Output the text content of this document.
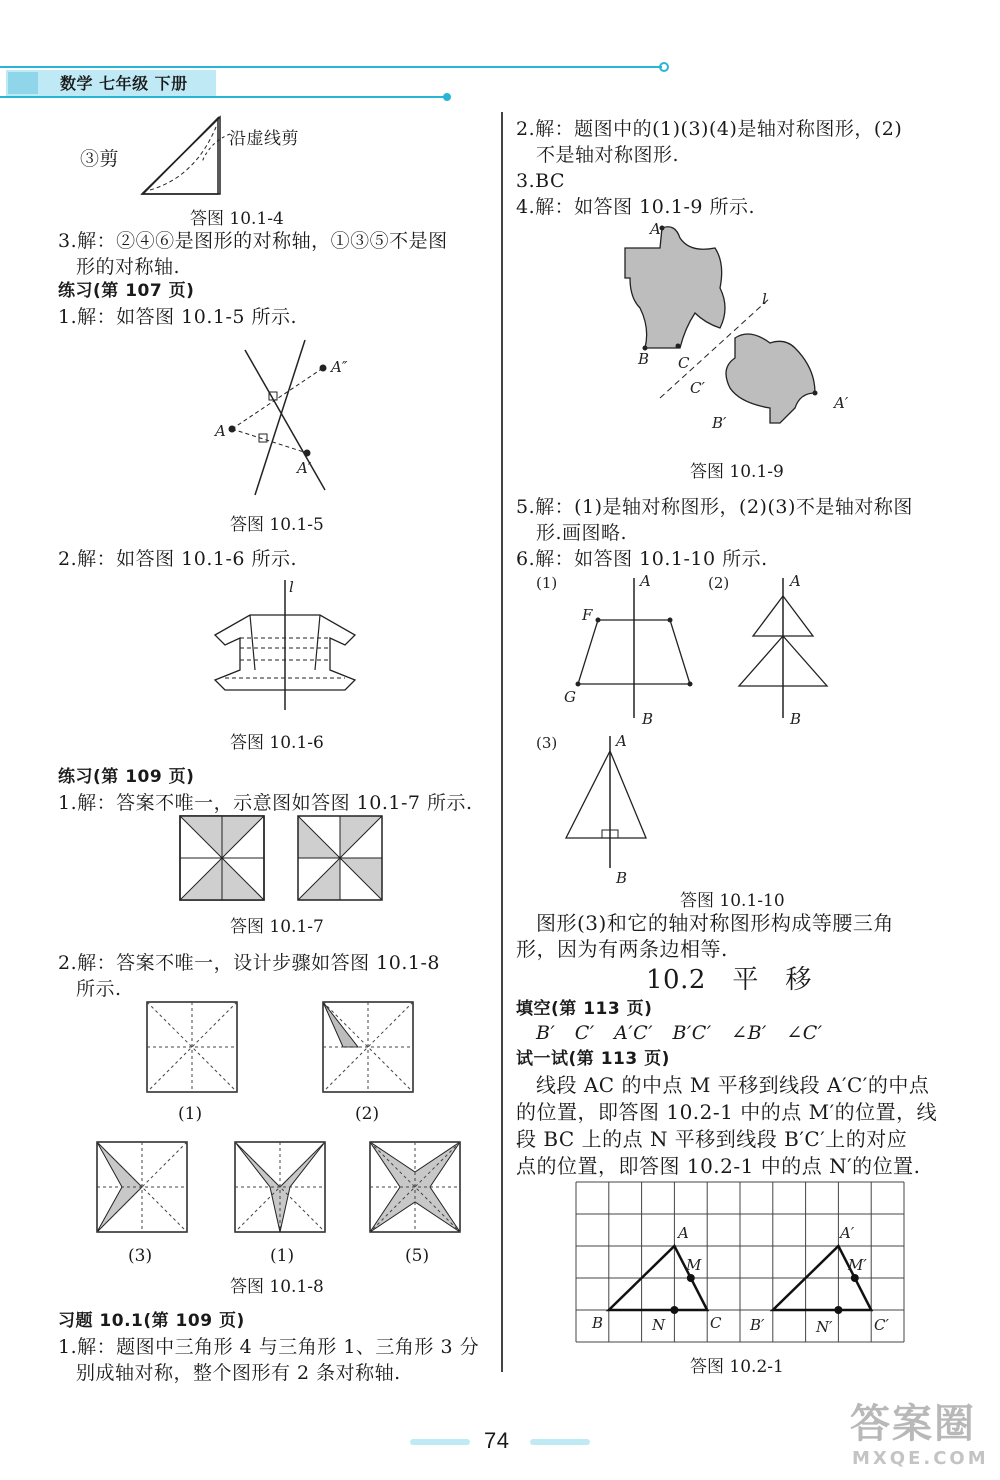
数学 七年级 下册
③剪
沿虚线剪
答图 10.1-4
3.解：②④⑥是图形的对称轴，①③⑤不是图
形的对称轴.
练习(第 107 页)
1.解：如答图 10.1-5 所示.
A″
A
A′
答图 10.1-5
2.解：如答图 10.1-6 所示.
l
答图 10.1-6
练习(第 109 页)
1.解：答案不唯一，示意图如答图 10.1-7 所示.
答图 10.1-7
2.解：答案不唯一，设计步骤如答图 10.1-8
所示.
(1)	(2)
(3)	(1)	(5)
答图 10.1-8
习题 10.1(第 109 页)
1.解：题图中三角形 4 与三角形 1、三角形 3 分
别成轴对称，整个图形有 2 条对称轴.
2.解：题图中的(1)(3)(4)是轴对称图形，(2)
不是轴对称图形.
3.BC
4.解：如答图 10.1-9 所示.
A
l
B C
C′
B′
A′
答图 10.1-9
5.解：(1)是轴对称图形，(2)(3)不是轴对称图
形.画图略.
6.解：如答图 10.1-10 所示.
(1)	A
F
G
B
(2)	A
B
(3)	A
B
答图 10.1-10
图形(3)和它的轴对称图形构成等腰三角
形，因为有两条边相等.
10.2　平　移
填空(第 113 页)
B′　C′　A′C′　B′C′　∠B′　∠C′
试一试(第 113 页)
线段 AC 的中点 M 平移到线段 A′C′的中点
的位置，即答图 10.2-1 中的点 M′的位置，线
段 BC 上的点 N 平移到线段 B′C′上的对应
点的位置，即答图 10.2-1 中的点 N′的位置.
A
M
B	N	C
A′
M′
B′	N′	C′
答图 10.2-1
74	答案圈
MXQE.COM
